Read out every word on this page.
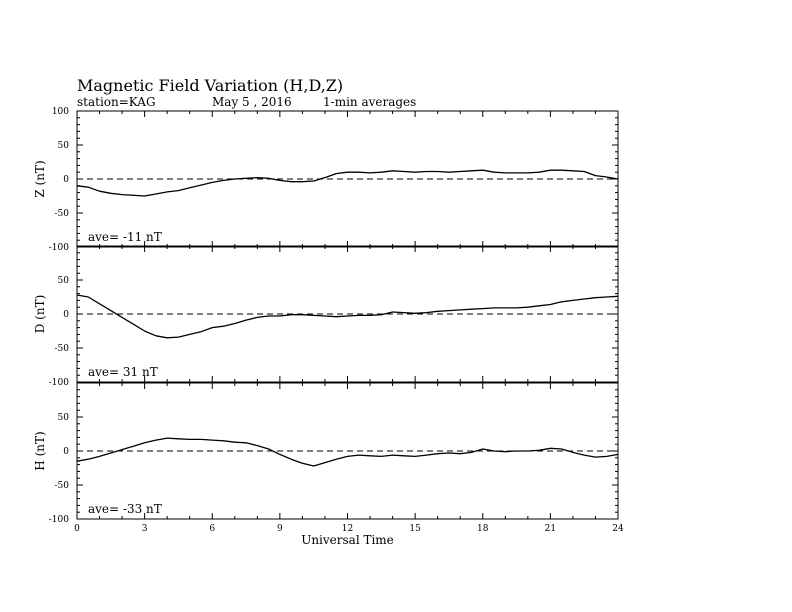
Magnetic Field Variation (H,D,Z)
station=KAG	May 5 , 2016	1-min averages
100
50
0
-50
-100
Z (nT)
ave= -11 nT
50
0
-50
-100
D (nT)
ave= 31 nT
50
0
-50
-100
H (nT)
ave= -33 nT
0	3	6	9	12	15	18	21	24
Universal Time
